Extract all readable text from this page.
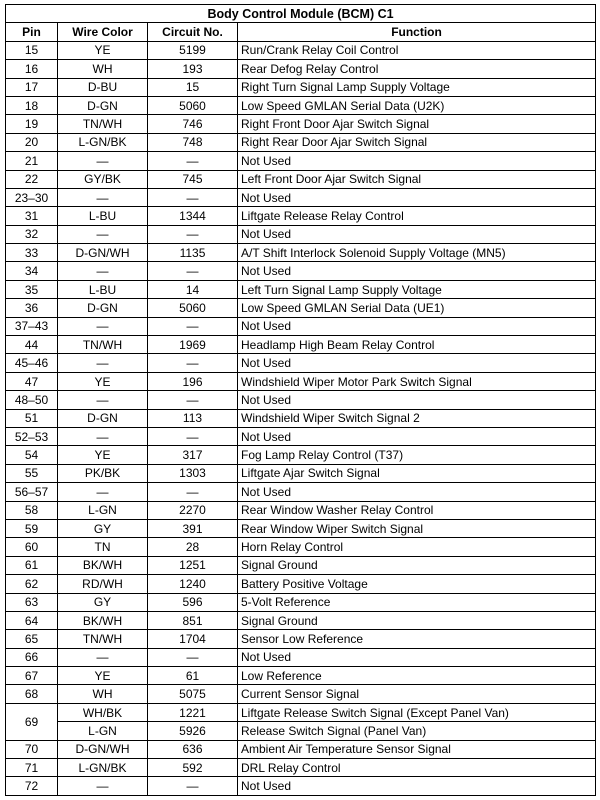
Body Control Module (BCM) C1			
Pin	Wire Color	Circuit No.	Function
15	YE	5199	Run/Crank Relay Coil Control
16	WH	193	Rear Defog Relay Control
17	D-BU	15	Right Turn Signal Lamp Supply Voltage
18	D-GN	5060	Low Speed GMLAN Serial Data (U2K)
19	TN/WH	746	Right Front Door Ajar Switch Signal
20	L-GN/BK	748	Right Rear Door Ajar Switch Signal
21	—	—	Not Used
22	GY/BK	745	Left Front Door Ajar Switch Signal
23–30	—	—	Not Used
31	L-BU	1344	Liftgate Release Relay Control
32	—	—	Not Used
33	D-GN/WH	1135	A/T Shift Interlock Solenoid Supply Voltage (MN5)
34	—	—	Not Used
35	L-BU	14	Left Turn Signal Lamp Supply Voltage
36	D-GN	5060	Low Speed GMLAN Serial Data (UE1)
37–43	—	—	Not Used
44	TN/WH	1969	Headlamp High Beam Relay Control
45–46	—	—	Not Used
47	YE	196	Windshield Wiper Motor Park Switch Signal
48–50	—	—	Not Used
51	D-GN	113	Windshield Wiper Switch Signal 2
52–53	—	—	Not Used
54	YE	317	Fog Lamp Relay Control (T37)
55	PK/BK	1303	Liftgate Ajar Switch Signal
56–57	—	—	Not Used
58	L-GN	2270	Rear Window Washer Relay Control
59	GY	391	Rear Window Wiper Switch Signal
60	TN	28	Horn Relay Control
61	BK/WH	1251	Signal Ground
62	RD/WH	1240	Battery Positive Voltage
63	GY	596	5-Volt Reference
64	BK/WH	851	Signal Ground
65	TN/WH	1704	Sensor Low Reference
66	—	—	Not Used
67	YE	61	Low Reference
68	WH	5075	Current Sensor Signal
69	WH/BK	1221	Liftgate Release Switch Signal (Except Panel Van)
	L-GN	5926	Release Switch Signal (Panel Van)
70	D-GN/WH	636	Ambient Air Temperature Sensor Signal
71	L-GN/BK	592	DRL Relay Control
72	—	—	Not Used
